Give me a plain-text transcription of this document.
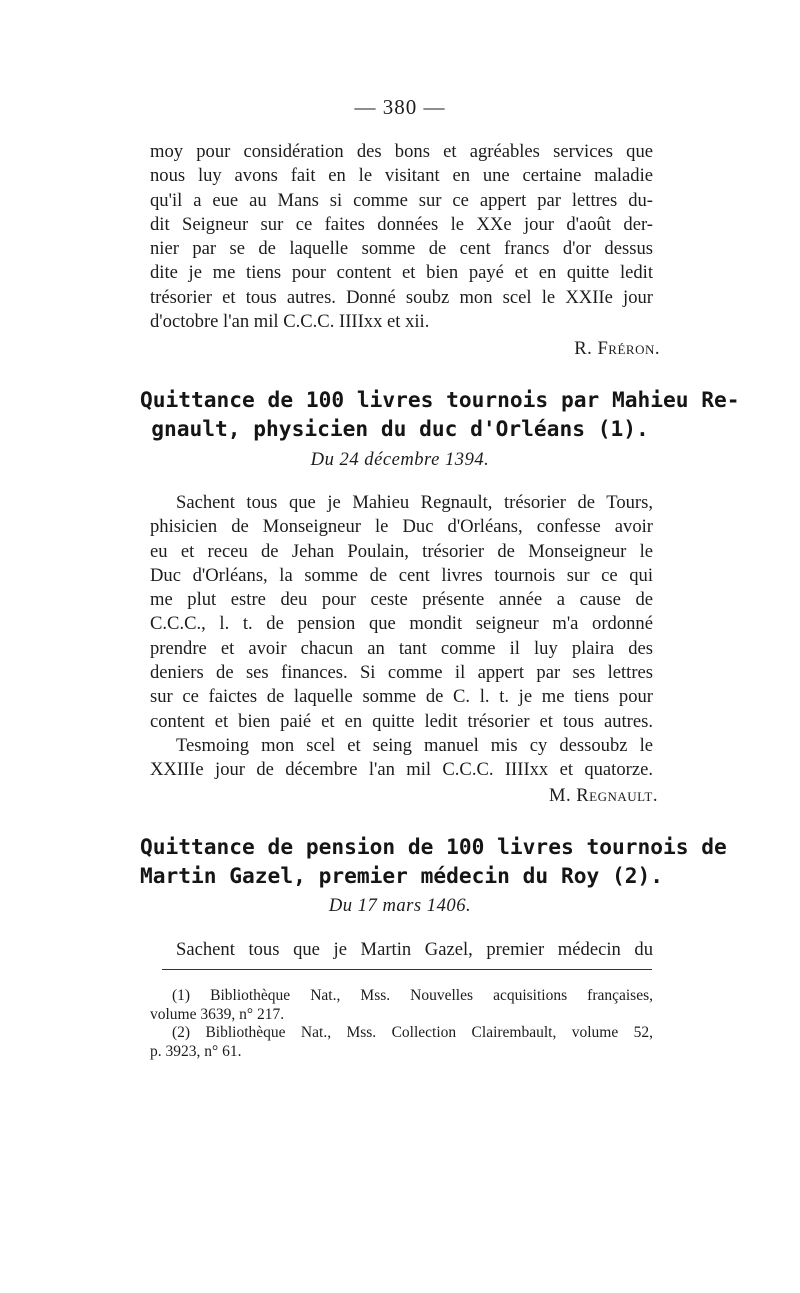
— 380 —
moy pour considération des bons et agréables services que
nous luy avons fait en le visitant en une certaine maladie
qu'il a eue au Mans si comme sur ce appert par lettres du-
dit Seigneur sur ce faites données le XXe jour d'août der-
nier par se de laquelle somme de cent francs d'or dessus
dite je me tiens pour content et bien payé et en quitte ledit
trésorier et tous autres. Donné soubz mon scel le XXIIe jour
d'octobre l'an mil C.C.C. IIIIxx et xii.
R. Fréron.
Quittance de 100 livres tournois par Mahieu Re-
gnault, physicien du duc d'Orléans (1).
Du 24 décembre 1394.
Sachent tous que je Mahieu Regnault, trésorier de Tours,
phisicien de Monseigneur le Duc d'Orléans, confesse avoir
eu et receu de Jehan Poulain, trésorier de Monseigneur le
Duc d'Orléans, la somme de cent livres tournois sur ce qui
me plut estre deu pour ceste présente année a cause de
C.C.C., l. t. de pension que mondit seigneur m'a ordonné
prendre et avoir chacun an tant comme il luy plaira des
deniers de ses finances. Si comme il appert par ses lettres
sur ce faictes de laquelle somme de C. l. t. je me tiens pour
content et bien paié et en quitte ledit trésorier et tous autres.
Tesmoing mon scel et seing manuel mis cy dessoubz le
XXIIIe jour de décembre l'an mil C.C.C. IIIIxx et quatorze.
M. Regnault.
Quittance de pension de 100 livres tournois de
Martin Gazel, premier médecin du Roy (2).
Du 17 mars 1406.
Sachent tous que je Martin Gazel, premier médecin du
(1) Bibliothèque Nat., Mss. Nouvelles acquisitions françaises,
volume 3639, n° 217.
(2) Bibliothèque Nat., Mss. Collection Clairembault, volume 52,
p. 3923, n° 61.
